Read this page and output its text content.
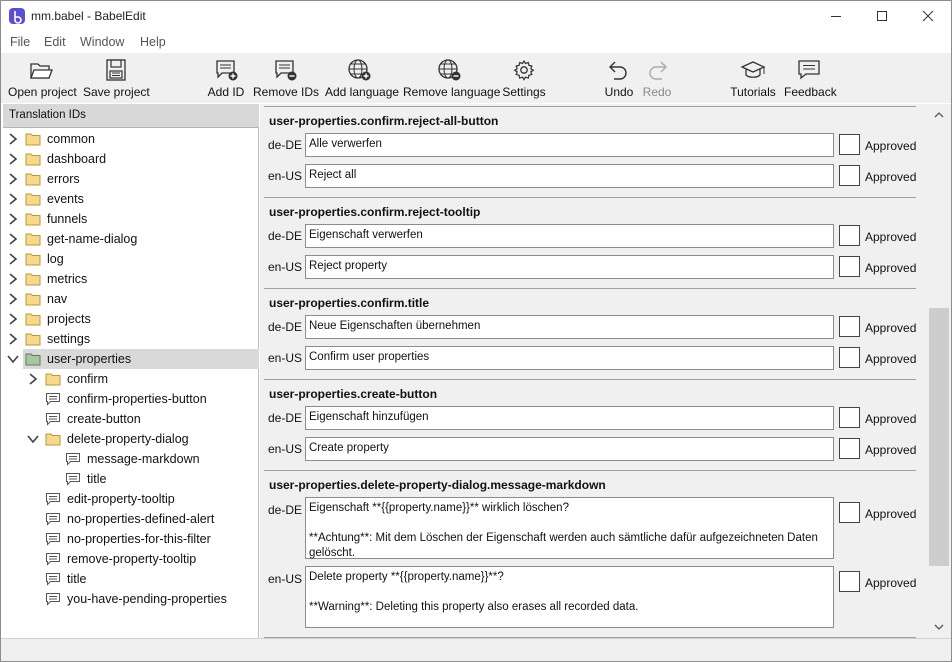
mm.babel - BabelEdit
File Edit Window Help
Open project Save project	Add ID Remove IDs Add language Remove language Settings	Undo Redo	Tutorials Feedback
Translation IDs
common
dashboard
errors
events
funnels
get-name-dialog
log
metrics
nav
projects
settings
user-properties
confirm
confirm-properties-button
create-button
delete-property-dialog
message-markdown
title
edit-property-tooltip
no-properties-defined-alert
no-properties-for-this-filter
remove-property-tooltip
title
you-have-pending-properties
user-properties.confirm.reject-all-button
de-DE Alle verwerfen	Approved
en-US Reject all	Approved
user-properties.confirm.reject-tooltip
de-DE Eigenschaft verwerfen	Approved
en-US Reject property	Approved
user-properties.confirm.title
de-DE Neue Eigenschaften übernehmen	Approved
en-US Confirm user properties	Approved
user-properties.create-button
de-DE Eigenschaft hinzufügen	Approved
en-US Create property	Approved
user-properties.delete-property-dialog.message-markdown
de-DE Eigenschaft **{{property.name}}** wirklich löschen?

**Achtung**: Mit dem Löschen der Eigenschaft werden auch sämtliche dafür aufgezeichneten Daten gelöscht.
Approved
en-US Delete property **{{property.name}}**?

**Warning**: Deleting this property also erases all recorded data.
Approved
